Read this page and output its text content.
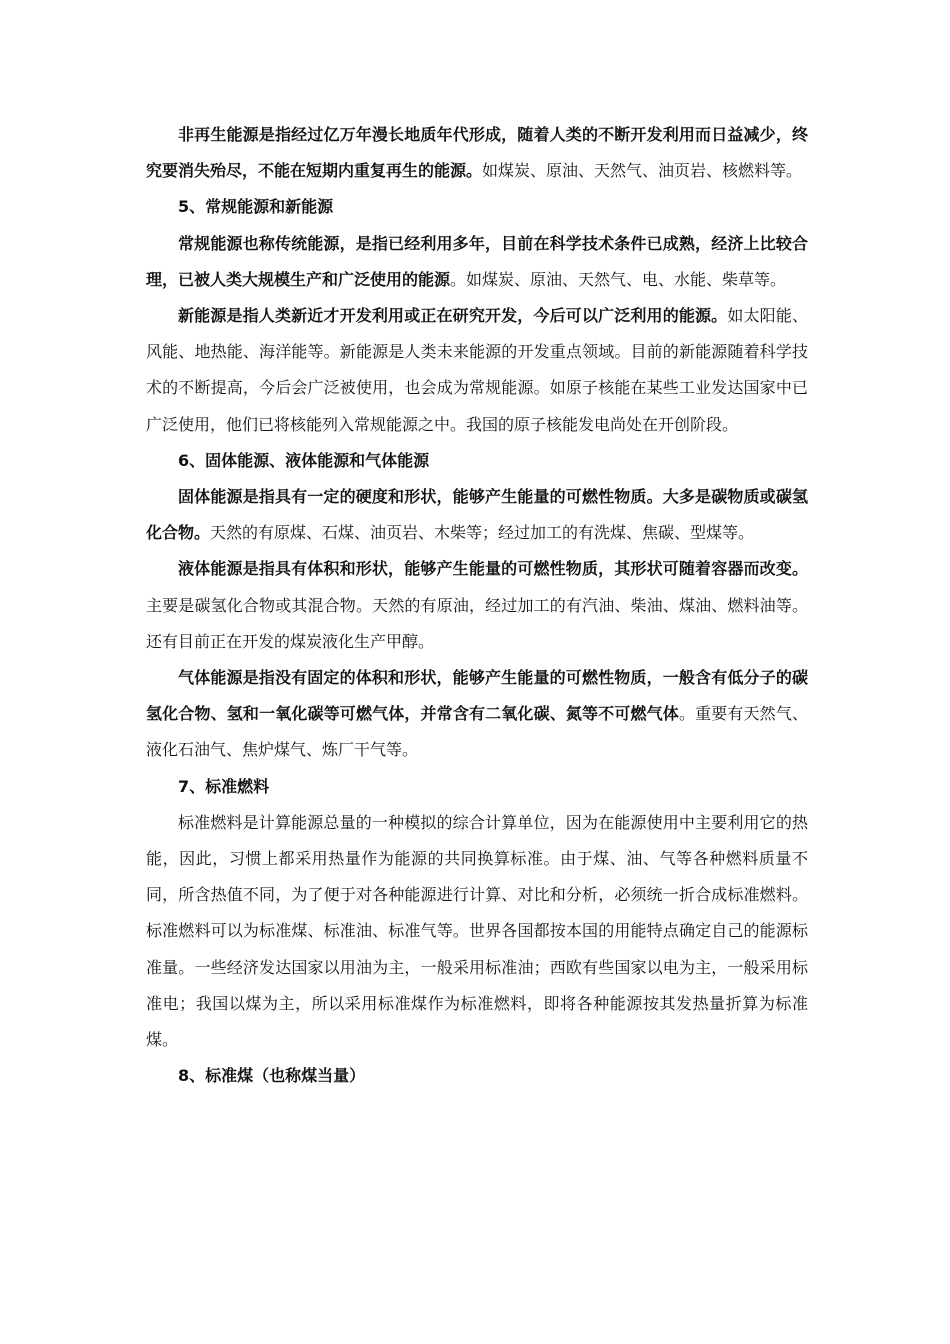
非再生能源是指经过亿万年漫长地质年代形成，随着人类的不断开发利用而日益减少，终究要消失殆尽，不能在短期内重复再生的能源。如煤炭、原油、天然气、油页岩、核燃料等。

5、常规能源和新能源

常规能源也称传统能源，是指已经利用多年，目前在科学技术条件已成熟，经济上比较合理，已被人类大规模生产和广泛使用的能源。如煤炭、原油、天然气、电、水能、柴草等。

新能源是指人类新近才开发利用或正在研究开发，今后可以广泛利用的能源。如太阳能、风能、地热能、海洋能等。新能源是人类未来能源的开发重点领域。目前的新能源随着科学技术的不断提高，今后会广泛被使用，也会成为常规能源。如原子核能在某些工业发达国家中已广泛使用，他们已将核能列入常规能源之中。我国的原子核能发电尚处在开创阶段。

6、固体能源、液体能源和气体能源

固体能源是指具有一定的硬度和形状，能够产生能量的可燃性物质。大多是碳物质或碳氢化合物。天然的有原煤、石煤、油页岩、木柴等；经过加工的有洗煤、焦碳、型煤等。

液体能源是指具有体积和形状，能够产生能量的可燃性物质，其形状可随着容器而改变。主要是碳氢化合物或其混合物。天然的有原油，经过加工的有汽油、柴油、煤油、燃料油等。还有目前正在开发的煤炭液化生产甲醇。

气体能源是指没有固定的体积和形状，能够产生能量的可燃性物质，一般含有低分子的碳氢化合物、氢和一氧化碳等可燃气体，并常含有二氧化碳、氮等不可燃气体。重要有天然气、液化石油气、焦炉煤气、炼厂干气等。

7、标准燃料

标准燃料是计算能源总量的一种模拟的综合计算单位，因为在能源使用中主要利用它的热能，因此，习惯上都采用热量作为能源的共同换算标准。由于煤、油、气等各种燃料质量不同，所含热值不同，为了便于对各种能源进行计算、对比和分析，必须统一折合成标准燃料。标准燃料可以为标准煤、标准油、标准气等。世界各国都按本国的用能特点确定自己的能源标准量。一些经济发达国家以用油为主，一般采用标准油；西欧有些国家以电为主，一般采用标准电；我国以煤为主，所以采用标准煤作为标准燃料，即将各种能源按其发热量折算为标准煤。

8、标准煤（也称煤当量）
